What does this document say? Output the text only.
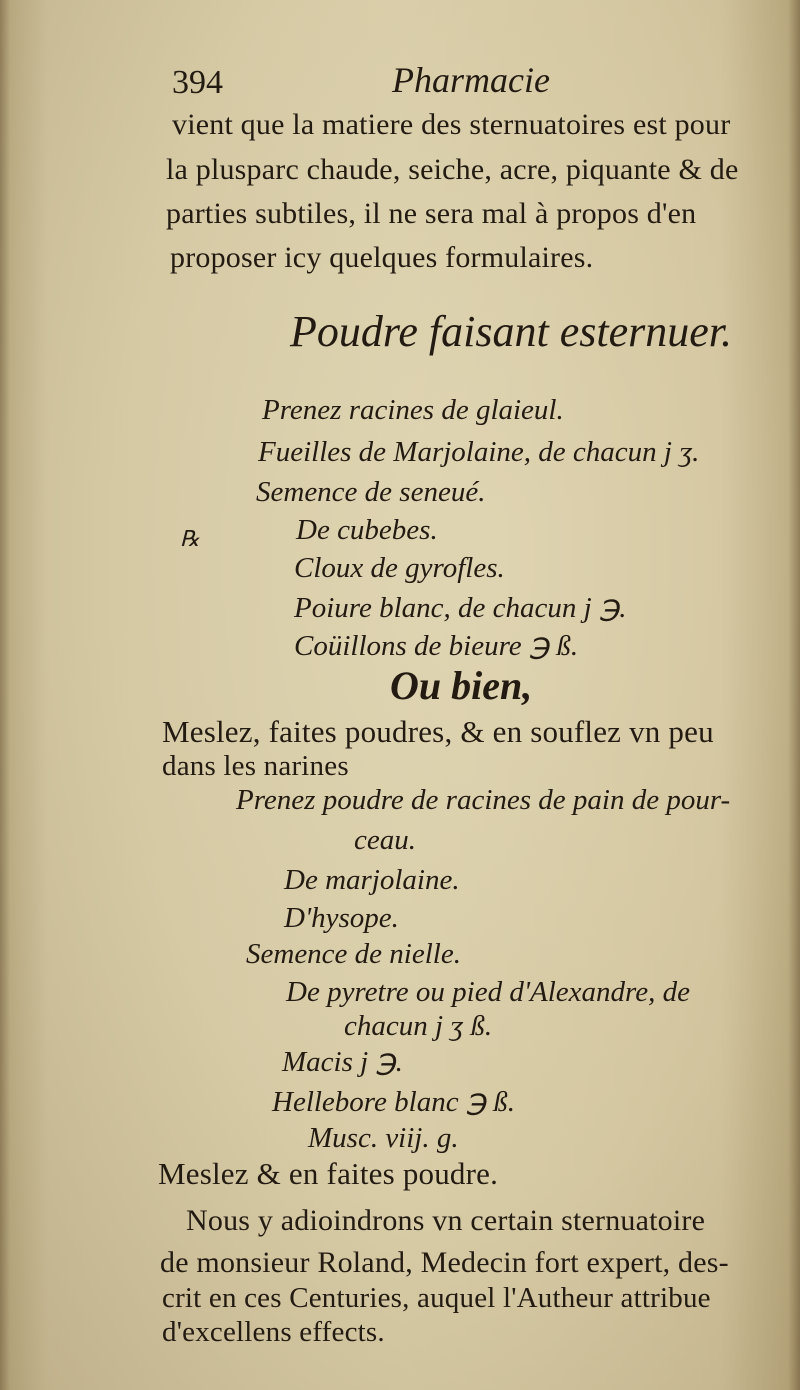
394	Pharmacie
vient que la matiere des sternuatoires est pour
la plusparc chaude, seiche, acre, piquante & de
parties subtiles, il ne sera mal à propos d'en
proposer icy quelques formulaires.
Poudre faisant esternuer.
Prenez racines de glaieul.
Fueilles de Marjolaine, de chacun j ʒ.
Semence de seneué.
℞	De cubebes.
Cloux de gyrofles.
Poiure blanc, de chacun j ℈.
Coüillons de bieure ℈ ß.
Ou bien,
Meslez, faites poudres, & en souflez vn peu
dans les narines
Prenez poudre de racines de pain de pour-
ceau.
De marjolaine.
D'hysope.
Semence de nielle.
De pyretre ou pied d'Alexandre, de
chacun j ʒ ß.
Macis j ℈.
Hellebore blanc ℈ ß.
Musc. viij. g.
Meslez & en faites poudre.
Nous y adioindrons vn certain sternuatoire
de monsieur Roland, Medecin fort expert, des-
crit en ces Centuries, auquel l'Autheur attribue
d'excellens effects.
